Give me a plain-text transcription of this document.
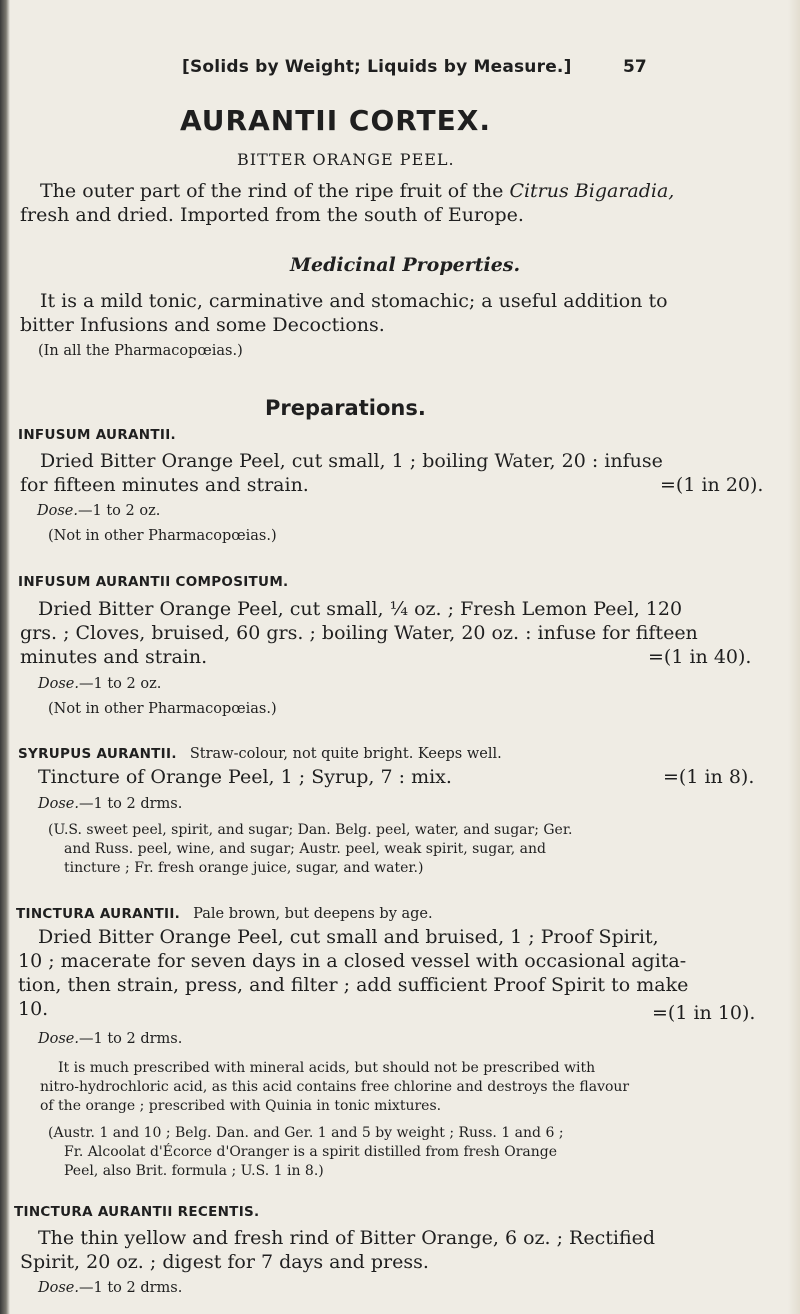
[Solids by Weight; Liquids by Measure.]	57
AURANTII CORTEX.
BITTER ORANGE PEEL.
The outer part of the rind of the ripe fruit of the Citrus Bigaradia,
fresh and dried. Imported from the south of Europe.
Medicinal Properties.
It is a mild tonic, carminative and stomachic; a useful addition to
bitter Infusions and some Decoctions.
(In all the Pharmacopœias.)
Preparations.
INFUSUM AURANTII.
Dried Bitter Orange Peel, cut small, 1 ; boiling Water, 20 : infuse
for fifteen minutes and strain.	=(1 in 20).
Dose.—1 to 2 oz.
(Not in other Pharmacopœias.)
INFUSUM AURANTII COMPOSITUM.
Dried Bitter Orange Peel, cut small, ¼ oz. ; Fresh Lemon Peel, 120
grs. ; Cloves, bruised, 60 grs. ; boiling Water, 20 oz. : infuse for fifteen
minutes and strain.	=(1 in 40).
Dose.—1 to 2 oz.
(Not in other Pharmacopœias.)
SYRUPUS AURANTII. Straw-colour, not quite bright. Keeps well.
Tincture of Orange Peel, 1 ; Syrup, 7 : mix.	=(1 in 8).
Dose.—1 to 2 drms.
(U.S. sweet peel, spirit, and sugar; Dan. Belg. peel, water, and sugar; Ger.
and Russ. peel, wine, and sugar; Austr. peel, weak spirit, sugar, and
tincture ; Fr. fresh orange juice, sugar, and water.)
TINCTURA AURANTII. Pale brown, but deepens by age.
Dried Bitter Orange Peel, cut small and bruised, 1 ; Proof Spirit,
10 ; macerate for seven days in a closed vessel with occasional agita-
tion, then strain, press, and filter ; add sufficient Proof Spirit to make
10.	=(1 in 10).
Dose.—1 to 2 drms.
It is much prescribed with mineral acids, but should not be prescribed with
nitro-hydrochloric acid, as this acid contains free chlorine and destroys the flavour
of the orange ; prescribed with Quinia in tonic mixtures.
(Austr. 1 and 10 ; Belg. Dan. and Ger. 1 and 5 by weight ; Russ. 1 and 6 ;
Fr. Alcoolat d'Écorce d'Oranger is a spirit distilled from fresh Orange
Peel, also Brit. formula ; U.S. 1 in 8.)
TINCTURA AURANTII RECENTIS.
The thin yellow and fresh rind of Bitter Orange, 6 oz. ; Rectified
Spirit, 20 oz. ; digest for 7 days and press.
Dose.—1 to 2 drms.
